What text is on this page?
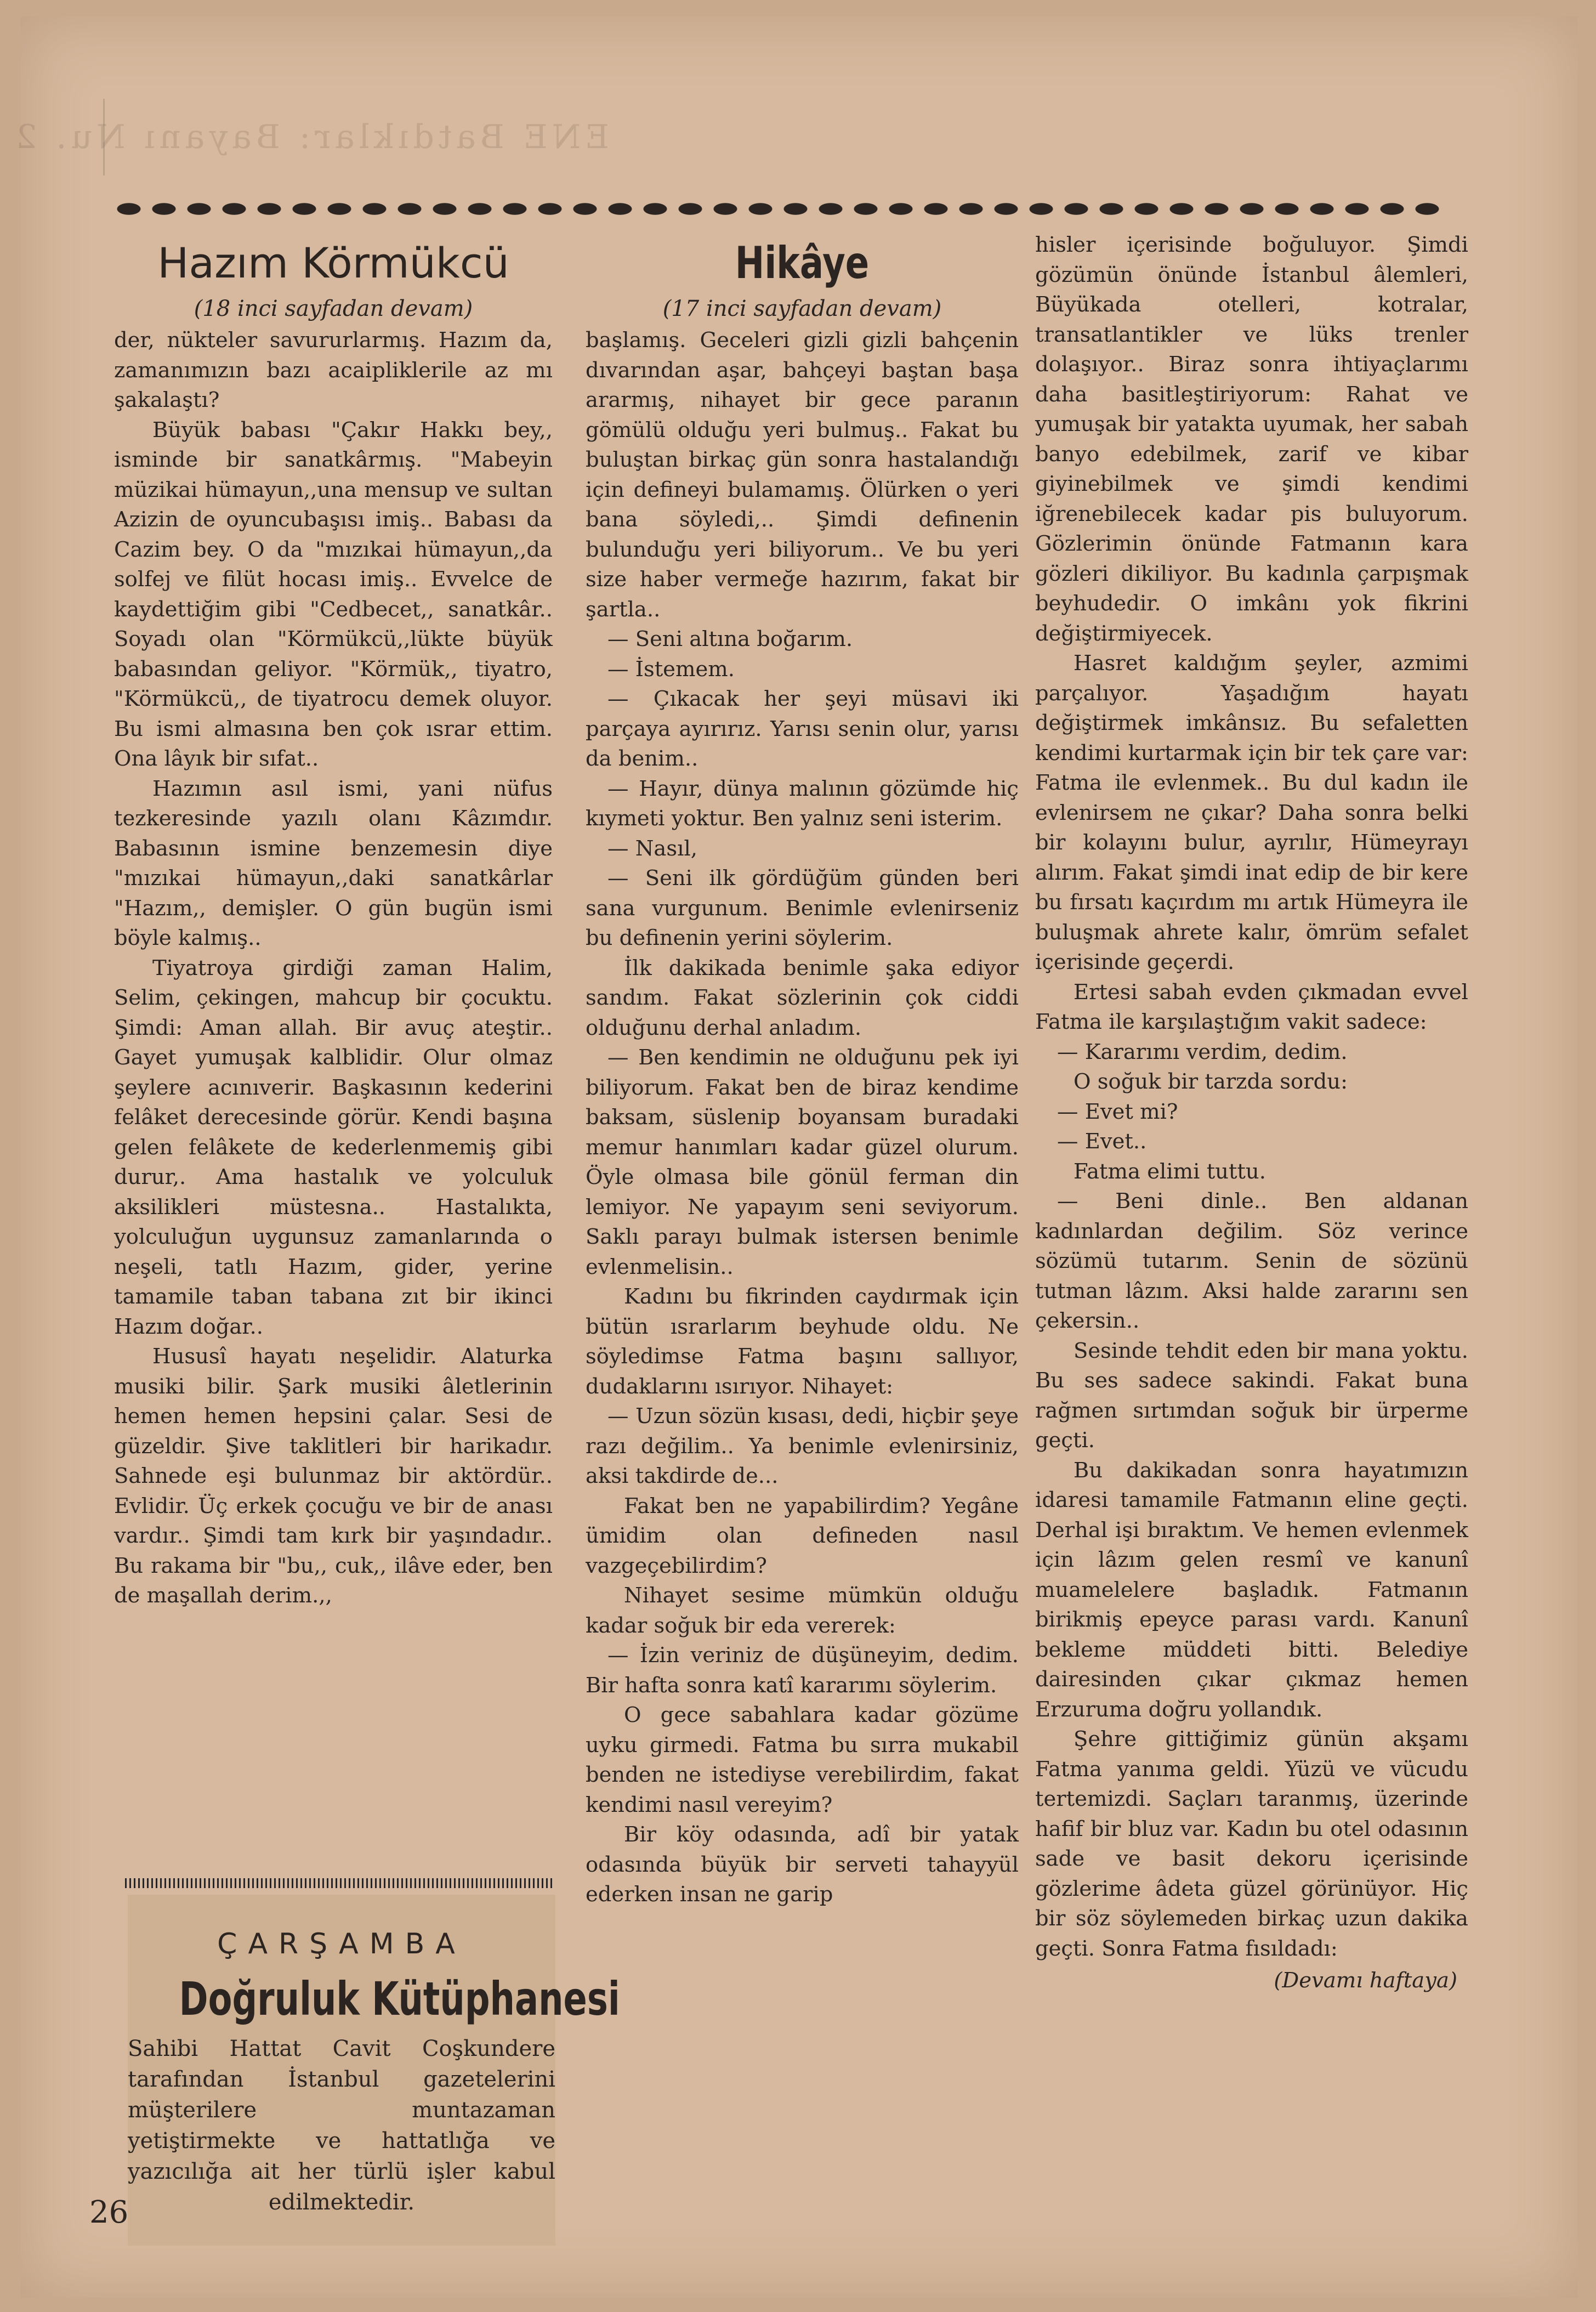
ENE Batdıklar: Bayanı Nu. 2
Hazım Körmükcü
(18 inci sayfadan devam)

der, nükteler savururlarmış. Hazım da, zamanımızın bazı acaipliklerile az mı şakalaştı?

Büyük babası "Çakır Hakkı bey,, isminde bir sanatkârmış. "Mabeyin müzikai hümayun,,una mensup ve sultan Azizin de oyuncubaşısı imiş.. Babası da Cazim bey. O da "mızıkai hümayun,,da solfej ve filüt hocası imiş.. Evvelce de kaydettiğim gibi "Cedbecet,, sanatkâr.. Soyadı olan "Körmükcü,,lükte büyük babasından geliyor. "Körmük,, tiyatro, "Körmükcü,, de tiyatrocu demek oluyor. Bu ismi almasına ben çok ısrar ettim. Ona lâyık bir sıfat..

Hazımın asıl ismi, yani nüfus tezkeresinde yazılı olanı Kâzımdır. Babasının ismine benzemesin diye "mızıkai hümayun,,daki sanatkârlar "Hazım,, demişler. O gün bugün ismi böyle kalmış..

Tiyatroya girdiği zaman Halim, Selim, çekingen, mahcup bir çocuktu. Şimdi: Aman allah. Bir avuç ateştir.. Gayet yumuşak kalblidir. Olur olmaz şeylere acınıverir. Başkasının kederini felâket derecesinde görür. Kendi başına gelen felâkete de kederlenmemiş gibi durur,. Ama hastalık ve yolculuk aksilikleri müstesna.. Hastalıkta, yolculuğun uygunsuz zamanlarında o neşeli, tatlı Hazım, gider, yerine tamamile taban tabana zıt bir ikinci Hazım doğar..

Hususî hayatı neşelidir. Alaturka musiki bilir. Şark musiki âletlerinin hemen hemen hepsini çalar. Sesi de güzeldir. Şive taklitleri bir harikadır. Sahnede eşi bulunmaz bir aktördür.. Evlidir. Üç erkek çocuğu ve bir de anası vardır.. Şimdi tam kırk bir yaşındadır.. Bu rakama bir "bu,, cuk,, ilâve eder, ben de maşallah derim.,,

ÇARŞAMBA
Doğruluk Kütüphanesi
Sahibi Hattat Cavit Coşkundere tarafından İstanbul gazetelerini müşterilere muntazaman yetiştirmekte ve hattatlığa ve yazıcılığa ait her türlü işler kabul edilmektedir.
26
Hikâye
(17 inci sayfadan devam)

başlamış. Geceleri gizli gizli bahçenin dıvarından aşar, bahçeyi baştan başa ararmış, nihayet bir gece paranın gömülü olduğu yeri bulmuş.. Fakat bu buluştan birkaç gün sonra hastalandığı için defineyi bulamamış. Ölürken o yeri bana söyledi,.. Şimdi definenin bulunduğu yeri biliyorum.. Ve bu yeri size haber vermeğe hazırım, fakat bir şartla..

— Seni altına boğarım.

— İstemem.

— Çıkacak her şeyi müsavi iki parçaya ayırırız. Yarısı senin olur, yarısı da benim..

— Hayır, dünya malının gözümde hiç kıymeti yoktur. Ben yalnız seni isterim.

— Nasıl,

— Seni ilk gördüğüm günden beri sana vurgunum. Benimle evlenirseniz bu definenin yerini söylerim.

İlk dakikada benimle şaka ediyor sandım. Fakat sözlerinin çok ciddi olduğunu derhal anladım.

— Ben kendimin ne olduğunu pek iyi biliyorum. Fakat ben de biraz kendime baksam, süslenip boyansam buradaki memur hanımları kadar güzel olurum. Öyle olmasa bile gönül ferman din lemiyor. Ne yapayım seni seviyorum. Saklı parayı bulmak istersen benimle evlenmelisin..

Kadını bu fikrinden caydırmak için bütün ısrarlarım beyhude oldu. Ne söyledimse Fatma başını sallıyor, dudaklarını ısırıyor. Nihayet:

— Uzun sözün kısası, dedi, hiçbir şeye razı değilim.. Ya benimle evlenirsiniz, aksi takdirde de...

Fakat ben ne yapabilirdim? Yegâne ümidim olan defineden nasıl vazgeçebilirdim?

Nihayet sesime mümkün olduğu kadar soğuk bir eda vererek:

— İzin veriniz de düşüneyim, dedim. Bir hafta sonra katî kararımı söylerim.

O gece sabahlara kadar gözüme uyku girmedi. Fatma bu sırra mukabil benden ne istediyse verebilirdim, fakat kendimi nasıl vereyim?

Bir köy odasında, adî bir yatak odasında büyük bir serveti tahayyül ederken insan ne garip

hisler içerisinde boğuluyor. Şimdi gözümün önünde İstanbul âlemleri, Büyükada otelleri, kotralar, transatlantikler ve lüks trenler dolaşıyor.. Biraz sonra ihtiyaçlarımı daha basitleştiriyorum: Rahat ve yumuşak bir yatakta uyumak, her sabah banyo edebilmek, zarif ve kibar giyinebilmek ve şimdi kendimi iğrenebilecek kadar pis buluyorum. Gözlerimin önünde Fatmanın kara gözleri dikiliyor. Bu kadınla çarpışmak beyhudedir. O imkânı yok fikrini değiştirmiyecek.

Hasret kaldığım şeyler, azmimi parçalıyor. Yaşadığım hayatı değiştirmek imkânsız. Bu sefaletten kendimi kurtarmak için bir tek çare var: Fatma ile evlenmek.. Bu dul kadın ile evlenirsem ne çıkar? Daha sonra belki bir kolayını bulur, ayrılır, Hümeyrayı alırım. Fakat şimdi inat edip de bir kere bu fırsatı kaçırdım mı artık Hümeyra ile buluşmak ahrete kalır, ömrüm sefalet içerisinde geçerdi.

Ertesi sabah evden çıkmadan evvel Fatma ile karşılaştığım vakit sadece:

— Kararımı verdim, dedim.

O soğuk bir tarzda sordu:

— Evet mi?

— Evet..

Fatma elimi tuttu.

— Beni dinle.. Ben aldanan kadınlardan değilim. Söz verince sözümü tutarım. Senin de sözünü tutman lâzım. Aksi halde zararını sen çekersin..

Sesinde tehdit eden bir mana yoktu. Bu ses sadece sakindi. Fakat buna rağmen sırtımdan soğuk bir ürperme geçti.

Bu dakikadan sonra hayatımızın idaresi tamamile Fatmanın eline geçti. Derhal işi bıraktım. Ve hemen evlenmek için lâzım gelen resmî ve kanunî muamelelere başladık. Fatmanın birikmiş epeyce parası vardı. Kanunî bekleme müddeti bitti. Belediye dairesinden çıkar çıkmaz hemen Erzuruma doğru yollandık.

Şehre gittiğimiz günün akşamı Fatma yanıma geldi. Yüzü ve vücudu tertemizdi. Saçları taranmış, üzerinde hafif bir bluz var. Kadın bu otel odasının sade ve basit dekoru içerisinde gözlerime âdeta güzel görünüyor. Hiç bir söz söylemeden birkaç uzun dakika geçti. Sonra Fatma fısıldadı:

(Devamı haftaya)
